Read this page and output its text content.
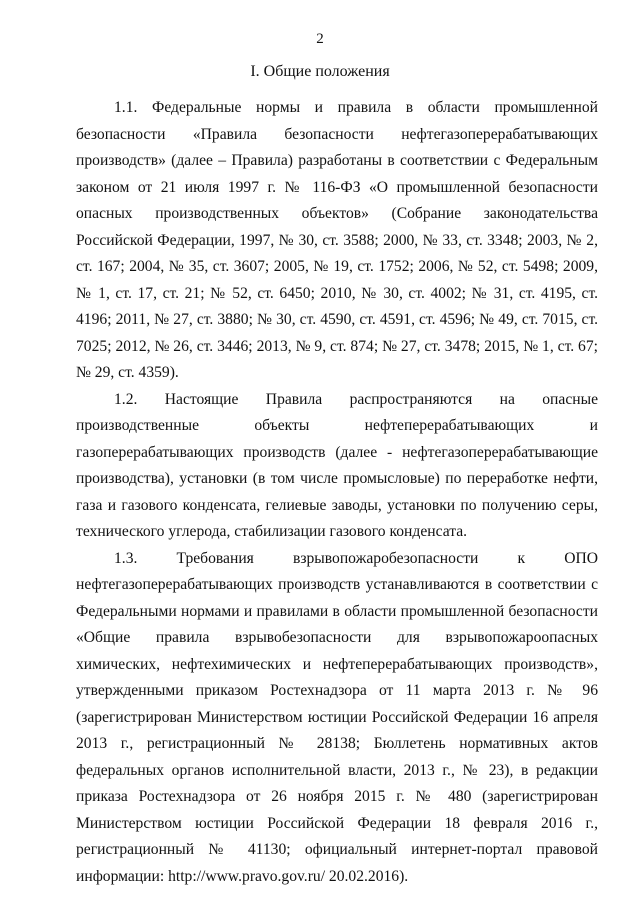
2
I. Общие положения

1.1. Федеральные нормы и правила в области промышленной безопасности «Правила безопасности нефтегазоперерабатывающих производств» (далее – Правила) разработаны в соответствии с Федеральным законом от 21 июля 1997 г. № 116-ФЗ «О промышленной безопасности опасных производственных объектов» (Собрание законодательства Российской Федерации, 1997, № 30, ст. 3588; 2000, № 33, ст. 3348; 2003, № 2, ст. 167; 2004, № 35, ст. 3607; 2005, № 19, ст. 1752; 2006, № 52, ст. 5498; 2009, № 1, ст. 17, ст. 21; № 52, ст. 6450; 2010, № 30, ст. 4002; № 31, ст. 4195, ст. 4196; 2011, № 27, ст. 3880; № 30, ст. 4590, ст. 4591, ст. 4596; № 49, ст. 7015, ст. 7025; 2012, № 26, ст. 3446; 2013, № 9, ст. 874; № 27, ст. 3478; 2015, № 1, ст. 67; № 29, ст. 4359).

1.2. Настоящие Правила распространяются на опасные производственные объекты нефтеперерабатывающих и газоперерабатывающих производств (далее - нефтегазоперерабатывающие производства), установки (в том числе промысловые) по переработке нефти, газа и газового конденсата, гелиевые заводы, установки по получению серы, технического углерода, стабилизации газового конденсата.

1.3. Требования взрывопожаробезопасности к ОПО нефтегазоперерабатывающих производств устанавливаются в соответствии с Федеральными нормами и правилами в области промышленной безопасности «Общие правила взрывобезопасности для взрывопожароопасных химических, нефтехимических и нефтеперерабатывающих производств», утвержденными приказом Ростехнадзора от 11 марта 2013 г. № 96 (зарегистрирован Министерством юстиции Российской Федерации 16 апреля 2013 г., регистрационный № 28138; Бюллетень нормативных актов федеральных органов исполнительной власти, 2013 г., № 23), в редакции приказа Ростехнадзора от 26 ноября 2015 г. № 480 (зарегистрирован Министерством юстиции Российской Федерации 18 февраля 2016 г., регистрационный № 41130; официальный интернет-портал правовой информации: http://www.pravo.gov.ru/ 20.02.2016).
